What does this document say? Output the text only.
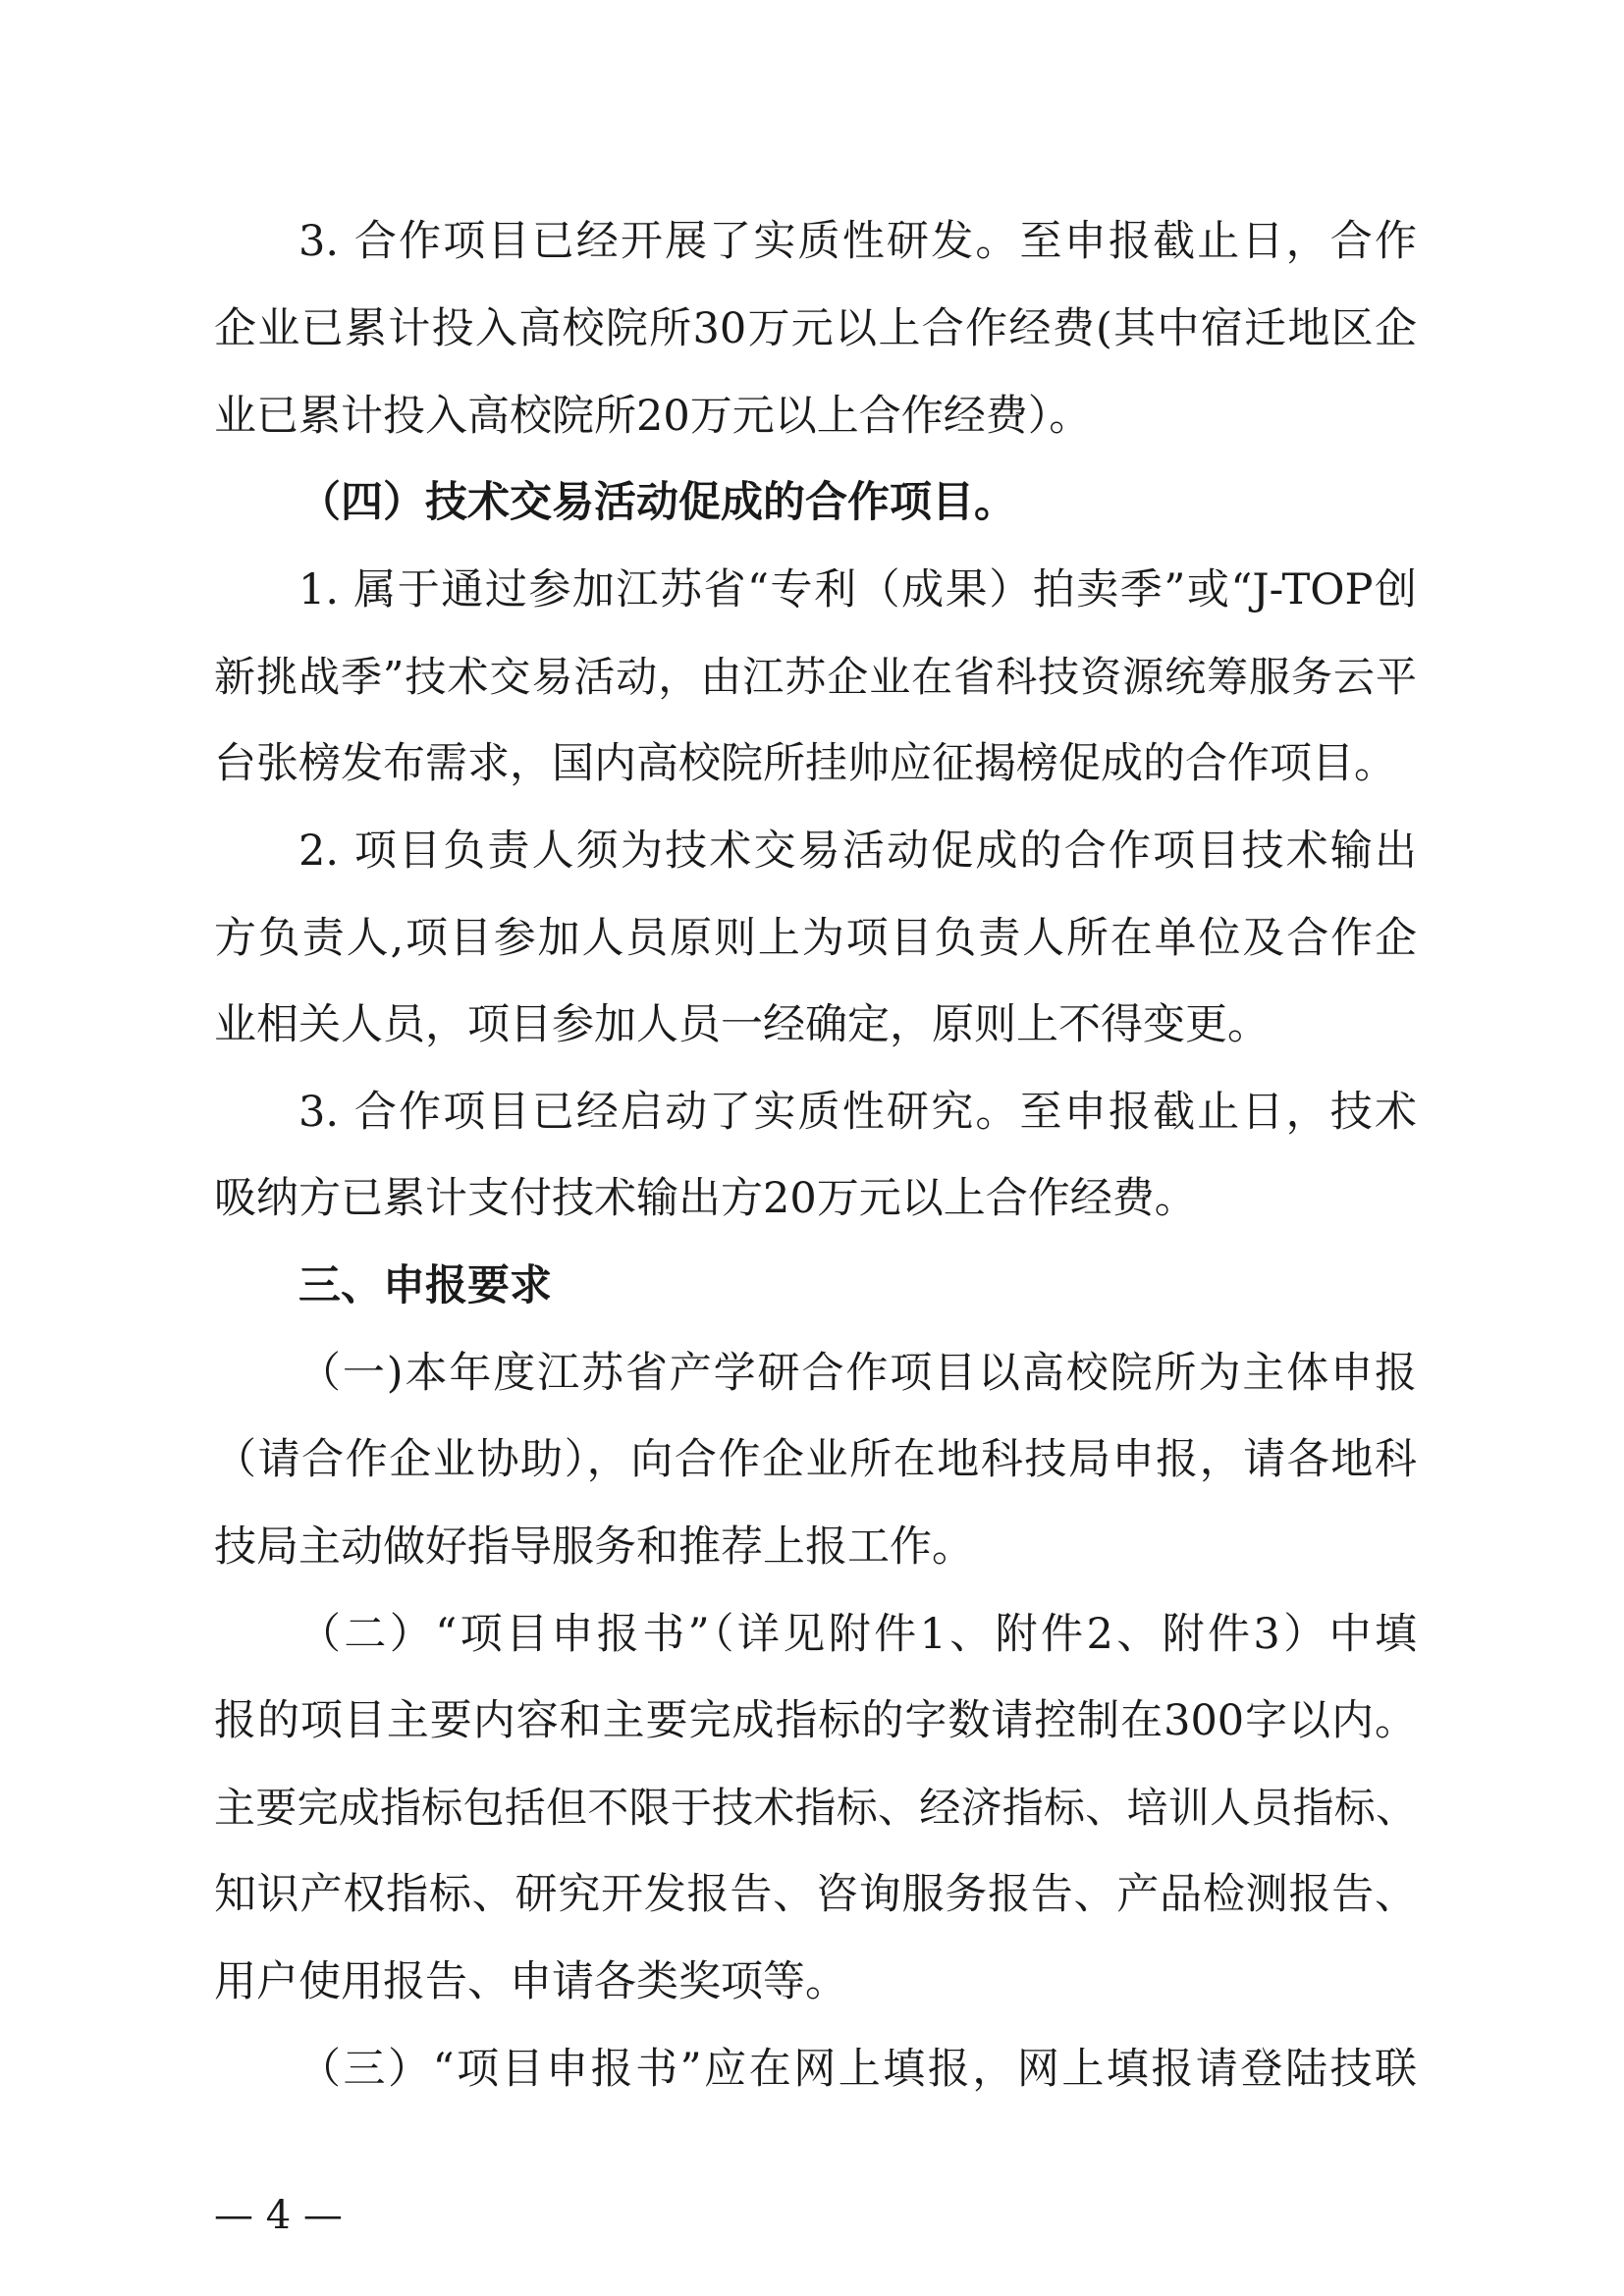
3. 合作项目已经开展了实质性研发。至申报截止日，合作
企业已累计投入高校院所30万元以上合作经费(其中宿迁地区企
业已累计投入高校院所20万元以上合作经费）。
（四）技术交易活动促成的合作项目。
1. 属于通过参加江苏省“专利（成果）拍卖季”或“J-TOP创
新挑战季”技术交易活动，由江苏企业在省科技资源统筹服务云平
台张榜发布需求，国内高校院所挂帅应征揭榜促成的合作项目。
2. 项目负责人须为技术交易活动促成的合作项目技术输出
方负责人,项目参加人员原则上为项目负责人所在单位及合作企
业相关人员，项目参加人员一经确定，原则上不得变更。
3. 合作项目已经启动了实质性研究。至申报截止日，技术
吸纳方已累计支付技术输出方20万元以上合作经费。
三、申报要求
（一)本年度江苏省产学研合作项目以高校院所为主体申报
（请合作企业协助），向合作企业所在地科技局申报，请各地科
技局主动做好指导服务和推荐上报工作。
（二）“项目申报书”（详见附件1、附件2、附件3）中填
报的项目主要内容和主要完成指标的字数请控制在300字以内。
主要完成指标包括但不限于技术指标、经济指标、培训人员指标、
知识产权指标、研究开发报告、咨询服务报告、产品检测报告、
用户使用报告、申请各类奖项等。
（三）“项目申报书”应在网上填报，网上填报请登陆技联
— 4 —
